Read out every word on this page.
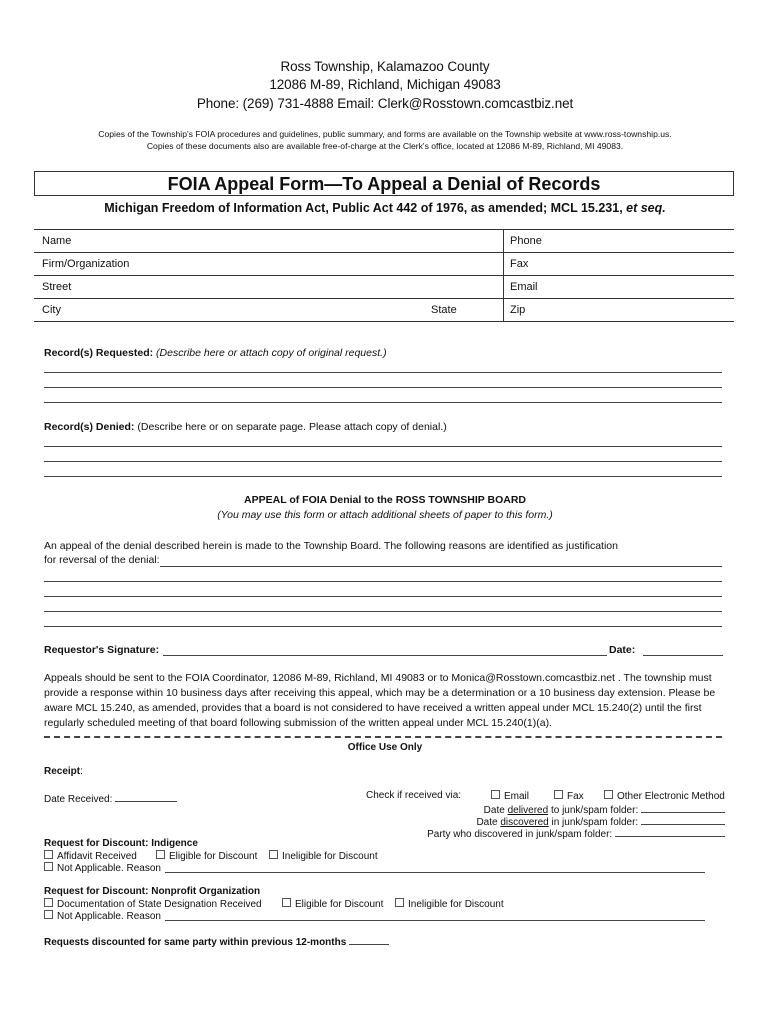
Ross Township, Kalamazoo County
12086 M-89, Richland, Michigan 49083
Phone: (269) 731-4888 Email: Clerk@Rosstown.comcastbiz.net
Copies of the Township's FOIA procedures and guidelines, public summary, and forms are available on the Township website at www.ross-township.us.
Copies of these documents also are available free-of-charge at the Clerk's office, located at 12086 M-89, Richland, MI 49083.
FOIA Appeal Form—To Appeal a Denial of Records
Michigan Freedom of Information Act, Public Act 442 of 1976, as amended; MCL 15.231, et seq.
Name		Phone
Firm/Organization		Fax
Street		Email
City	State	Zip
Record(s) Requested: (Describe here or attach copy of original request.)
Record(s) Denied: (Describe here or on separate page. Please attach copy of denial.)
APPEAL of FOIA Denial to the ROSS TOWNSHIP BOARD
(You may use this form or attach additional sheets of paper to this form.)
An appeal of the denial described herein is made to the Township Board. The following reasons are identified as justification
for reversal of the denial:
Requestor's Signature:	Date:
Appeals should be sent to the FOIA Coordinator, 12086 M-89, Richland, MI 49083 or to Monica@Rosstown.comcastbiz.net . The township must
provide a response within 10 business days after receiving this appeal, which may be a determination or a 10 business day extension. Please be
aware MCL 15.240, as amended, provides that a board is not considered to have received a written appeal under MCL 15.240(2) until the first
regularly scheduled meeting of that board following submission of the written appeal under MCL 15.240(1)(a).
Office Use Only
Receipt:
Date Received:	Check if received via:	Email	Fax	Other Electronic Method
Date delivered to junk/spam folder:
Date discovered in junk/spam folder:
Party who discovered in junk/spam folder:
Request for Discount: Indigence
Affidavit Received	Eligible for Discount	Ineligible for Discount
Not Applicable. Reason
Request for Discount: Nonprofit Organization
Documentation of State Designation Received	Eligible for Discount	Ineligible for Discount
Not Applicable. Reason
Requests discounted for same party within previous 12-months
